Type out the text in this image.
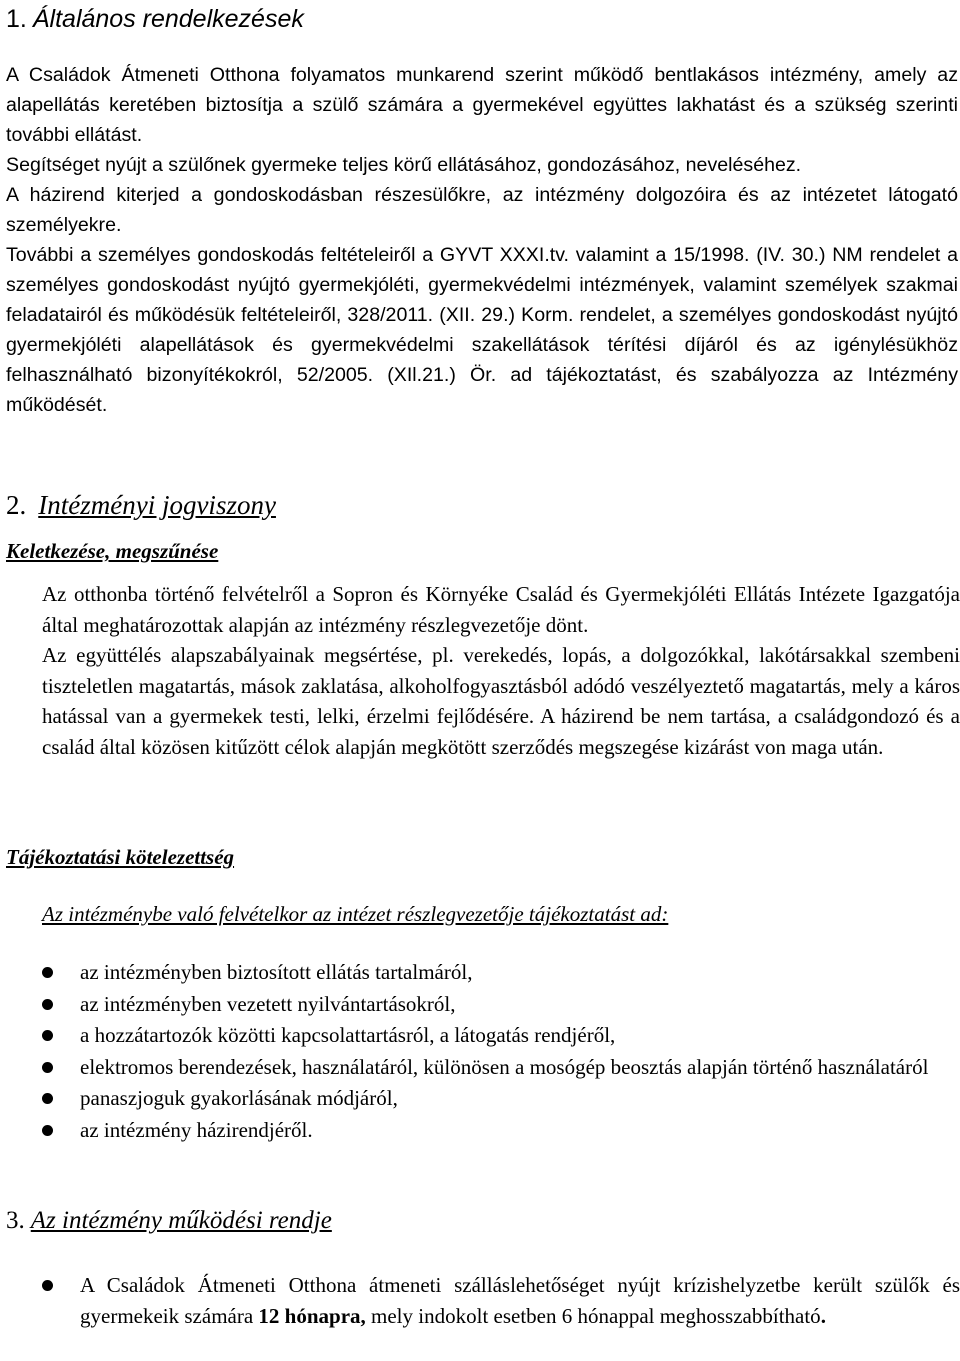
1. Általános rendelkezések

A Családok Átmeneti Otthona folyamatos munkarend szerint működő bentlakásos intézmény, amely az alapellátás keretében biztosítja a szülő számára a gyermekével együttes lakhatást és a szükség szerinti további ellátást.

Segítséget nyújt a szülőnek gyermeke teljes körű ellátásához, gondozásához, neveléséhez.

A házirend kiterjed a gondoskodásban részesülőkre, az intézmény dolgozóira és az intézetet látogató személyekre.

További a személyes gondoskodás feltételeiről a GYVT XXXI.tv. valamint a 15/1998. (IV. 30.) NM rendelet a személyes gondoskodást nyújtó gyermekjóléti, gyermekvédelmi intézmények, valamint személyek szakmai feladatairól és működésük feltételeiről, 328/2011. (XII. 29.) Korm. rendelet, a személyes gondoskodást nyújtó gyermekjóléti alapellátások és gyermekvédelmi szakellátások térítési díjáról és az igénylésükhöz felhasználható bizonyítékokról, 52/2005. (XIl.21.) Ör. ad tájékoztatást, és szabályozza az Intézmény működését.

2. Intézményi jogviszony
Keletkezése, megszűnése

Az otthonba történő felvételről a Sopron és Környéke Család és Gyermekjóléti Ellátás Intézete Igazgatója által meghatározottak alapján az intézmény részlegvezetője dönt.

Az együttélés alapszabályainak megsértése, pl. verekedés, lopás, a dolgozókkal, lakótársakkal szembeni tiszteletlen magatartás, mások zaklatása, alkoholfogyasztásból adódó veszélyeztető magatartás, mely a káros hatással van a gyermekek testi, lelki, érzelmi fejlődésére. A házirend be nem tartása, a családgondozó és a család által közösen kitűzött célok alapján megkötött szerződés megszegése kizárást von maga után.

Tájékoztatási kötelezettség
Az intézménybe való felvételkor az intézet részlegvezetője tájékoztatást ad:
az intézményben biztosított ellátás tartalmáról,
az intézményben vezetett nyilvántartásokról,
a hozzátartozók közötti kapcsolattartásról, a látogatás rendjéről,
elektromos berendezések, használatáról, különösen a mosógép beosztás alapján történő használatáról
panaszjoguk gyakorlásának módjáról,
az intézmény házirendjéről.
3. Az intézmény működési rendje
A Családok Átmeneti Otthona átmeneti szálláslehetőséget nyújt krízishelyzetbe került szülők és gyermekeik számára 12 hónapra, mely indokolt esetben 6 hónappal meghosszabbítható.
